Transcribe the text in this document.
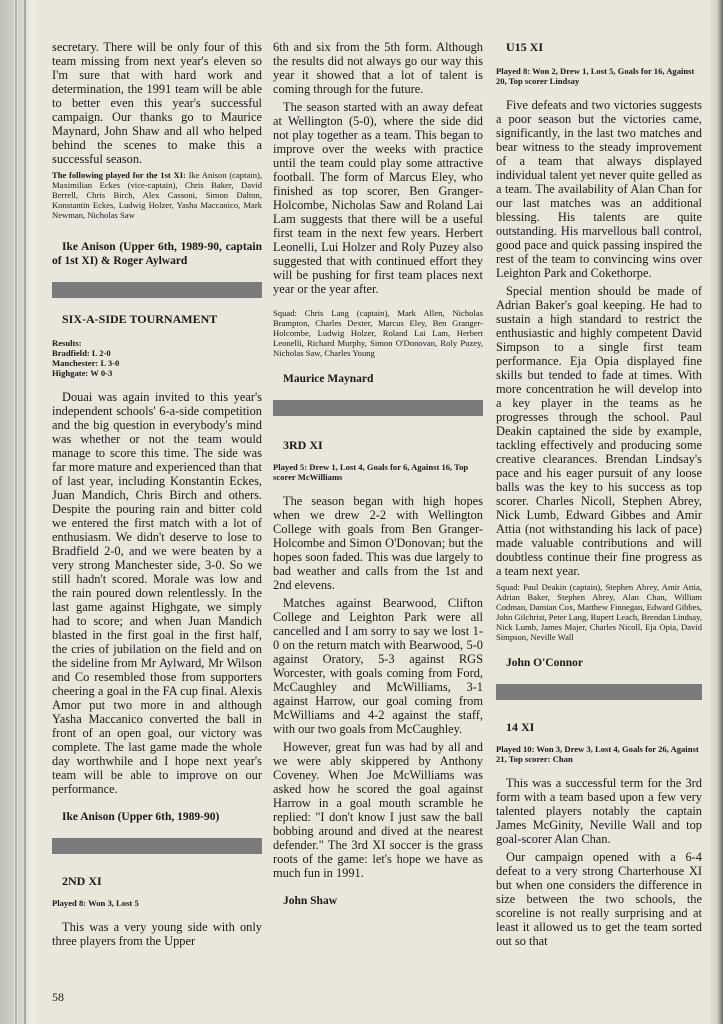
secretary. There will be only four of this team missing from next year's eleven so I'm sure that with hard work and determination, the 1991 team will be able to better even this year's successful campaign. Our thanks go to Maurice Maynard, John Shaw and all who helped behind the scenes to make this a successful season.

The following played for the 1st XI: Ike Anison (captain), Maximilian Eckes (vice-captain), Chris Baker, David Berrell, Chris Birch, Alex Cassoni, Simon Dalton, Konstantin Eckes, Ludwig Holzer, Yasha Maccanico, Mark Newman, Nicholas Saw

Ike Anison (Upper 6th, 1989-90, captain of 1st XI) & Roger Aylward

SIX-A-SIDE TOURNAMENT

Results:

Bradfield: L 2-0

Manchester: L 3-0

Highgate: W 0-3

Douai was again invited to this year's independent schools' 6-a-side competition and the big question in everybody's mind was whether or not the team would manage to score this time. The side was far more mature and experienced than that of last year, including Konstantin Eckes, Juan Mandich, Chris Birch and others. Despite the pouring rain and bitter cold we entered the first match with a lot of enthusiasm. We didn't deserve to lose to Bradfield 2-0, and we were beaten by a very strong Manchester side, 3-0. So we still hadn't scored. Morale was low and the rain poured down relentlessly. In the last game against Highgate, we simply had to score; and when Juan Mandich blasted in the first goal in the first half, the cries of jubilation on the field and on the sideline from Mr Aylward, Mr Wilson and Co resembled those from supporters cheering a goal in the FA cup final. Alexis Amor put two more in and although Yasha Maccanico converted the ball in front of an open goal, our victory was complete. The last game made the whole day worthwhile and I hope next year's team will be able to improve on our performance.

Ike Anison (Upper 6th, 1989-90)

2ND XI

Played 8: Won 3, Lost 5

This was a very young side with only three players from the Upper

6th and six from the 5th form. Although the results did not always go our way this year it showed that a lot of talent is coming through for the future.

The season started with an away defeat at Wellington (5-0), where the side did not play together as a team. This began to improve over the weeks with practice until the team could play some attractive football. The form of Marcus Eley, who finished as top scorer, Ben Granger-Holcombe, Nicholas Saw and Roland Lai Lam suggests that there will be a useful first team in the next few years. Herbert Leonelli, Lui Holzer and Roly Puzey also suggested that with continued effort they will be pushing for first team places next year or the year after.

Squad: Chris Lang (captain), Mark Allen, Nicholas Brampton, Charles Dexter, Marcus Eley, Ben Granger-Holcombe, Ludwig Holzer, Roland Lai Lam, Herbert Leonelli, Richard Murphy, Simon O'Donovan, Roly Puzey, Nicholas Saw, Charles Young

Maurice Maynard

3RD XI

Played 5: Drew 1, Lost 4, Goals for 6, Against 16, Top scorer McWilliams

The season began with high hopes when we drew 2-2 with Wellington College with goals from Ben Granger-Holcombe and Simon O'Donovan; but the hopes soon faded. This was due largely to bad weather and calls from the 1st and 2nd elevens.

Matches against Bearwood, Clifton College and Leighton Park were all cancelled and I am sorry to say we lost 1-0 on the return match with Bearwood, 5-0 against Oratory, 5-3 against RGS Worcester, with goals coming from Ford, McCaughley and McWilliams, 3-1 against Harrow, our goal coming from McWilliams and 4-2 against the staff, with our two goals from McCaughley.

However, great fun was had by all and we were ably skippered by Anthony Coveney. When Joe McWilliams was asked how he scored the goal against Harrow in a goal mouth scramble he replied: "I don't know I just saw the ball bobbing around and dived at the nearest defender." The 3rd XI soccer is the grass roots of the game: let's hope we have as much fun in 1991.

John Shaw

U15 XI

Played 8: Won 2, Drew 1, Lost 5, Goals for 16, Against 20, Top scorer Lindsay

Five defeats and two victories suggests a poor season but the victories came, significantly, in the last two matches and bear witness to the steady improvement of a team that always displayed individual talent yet never quite gelled as a team. The availability of Alan Chan for our last matches was an additional blessing. His talents are quite outstanding. His marvellous ball control, good pace and quick passing inspired the rest of the team to convincing wins over Leighton Park and Cokethorpe.

Special mention should be made of Adrian Baker's goal keeping. He had to sustain a high standard to restrict the enthusiastic and highly competent David Simpson to a single first team performance. Eja Opia displayed fine skills but tended to fade at times. With more concentration he will develop into a key player in the teams as he progresses through the school. Paul Deakin captained the side by example, tackling effectively and producing some creative clearances. Brendan Lindsay's pace and his eager pursuit of any loose balls was the key to his success as top scorer. Charles Nicoll, Stephen Abrey, Nick Lumb, Edward Gibbes and Amir Attia (not withstanding his lack of pace) made valuable contributions and will doubtless continue their fine progress as a team next year.

Squad: Paul Deakin (captain), Stephen Abrey, Amir Attia, Adrian Baker, Stephen Abrey, Alan Chan, William Codman, Damian Cox, Matthew Finnegan, Edward Gibbes, John Gilchrist, Peter Lang, Rupert Leach, Brendan Lindsay, Nick Lumb, James Majer, Charles Nicoll, Eja Opia, David Simpson, Neville Wall

John O'Connor

14 XI

Played 10: Won 3, Drew 3, Lost 4, Goals for 26, Against 21, Top scorer: Chan

This was a successful term for the 3rd form with a team based upon a few very talented players notably the captain James McGinity, Neville Wall and top goal-scorer Alan Chan.

Our campaign opened with a 6-4 defeat to a very strong Charterhouse XI but when one considers the difference in size between the two schools, the scoreline is not really surprising and at least it allowed us to get the team sorted out so that

58
